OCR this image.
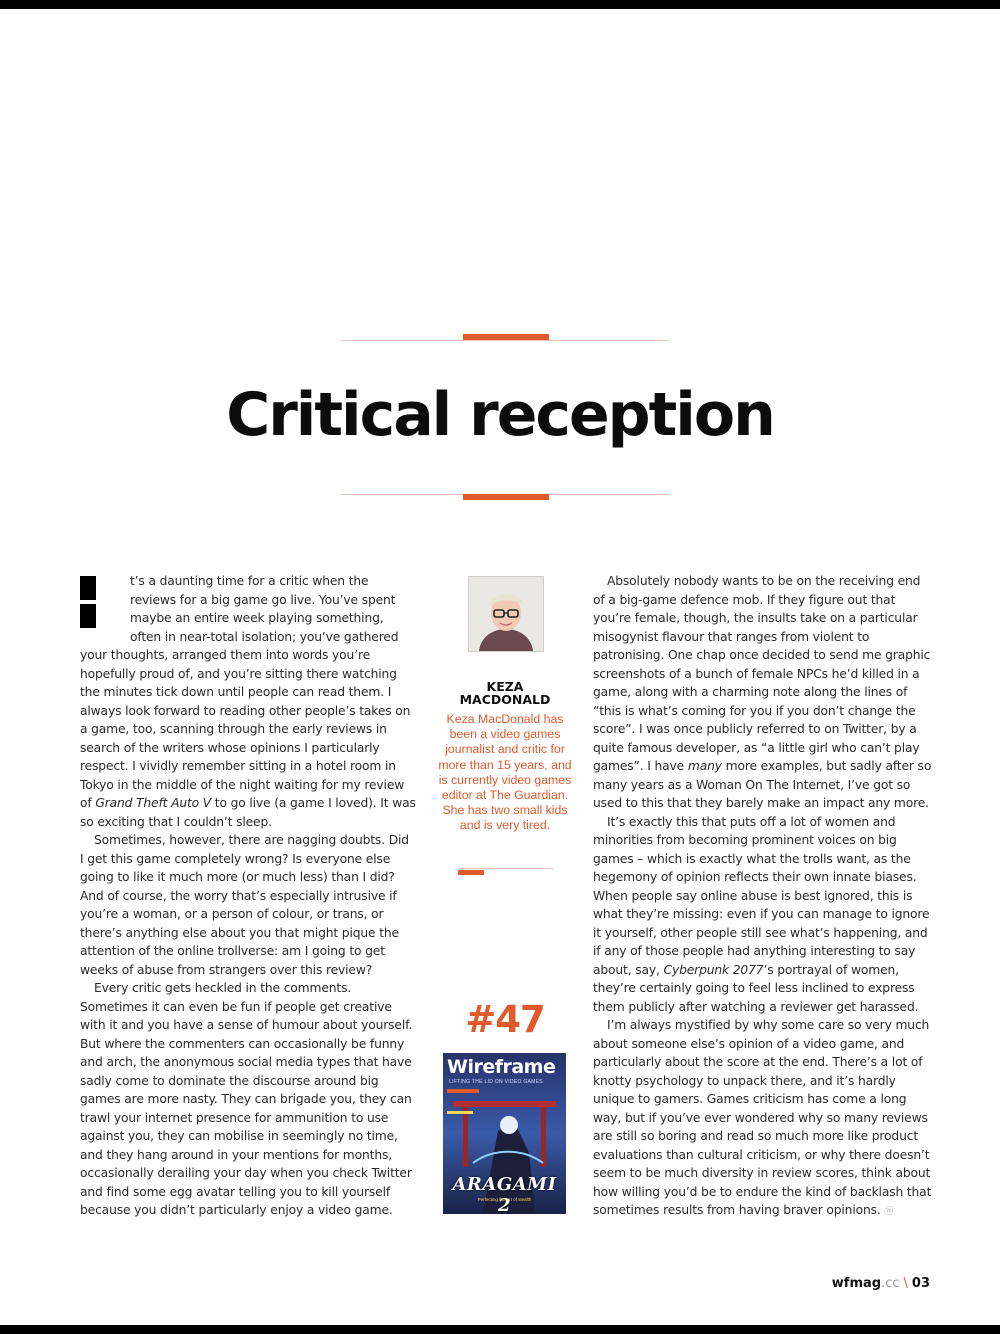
Critical reception

t’s a daunting time for a critic when the reviews for a big game go live. You’ve spent maybe an entire week playing something, often in near-total isolation; you’ve gathered your thoughts, arranged them into words you’re hopefully proud of, and you’re sitting there watching the minutes tick down until people can read them. I always look forward to reading other people’s takes on a game, too, scanning through the early reviews in search of the writers whose opinions I particularly respect. I vividly remember sitting in a hotel room in Tokyo in the middle of the night waiting for my review of Grand Theft Auto V to go live (a game I loved). It was so exciting that I couldn’t sleep.

Sometimes, however, there are nagging doubts. Did I get this game completely wrong? Is everyone else going to like it much more (or much less) than I did? And of course, the worry that’s especially intrusive if you’re a woman, or a person of colour, or trans, or there’s anything else about you that might pique the attention of the online trollverse: am I going to get weeks of abuse from strangers over this review?

Every critic gets heckled in the comments. Sometimes it can even be fun if people get creative with it and you have a sense of humour about yourself. But where the commenters can occasionally be funny and arch, the anonymous social media types that have sadly come to dominate the discourse around big games are more nasty. They can brigade you, they can trawl your internet presence for ammunition to use against you, they can mobilise in seemingly no time, and they hang around in your mentions for months, occasionally derailing your day when you check Twitter and find some egg avatar telling you to kill yourself because you didn’t particularly enjoy a video game.

KEZA
MACDONALD

Keza MacDonald has been a video games journalist and critic for more than 15 years, and is currently video games editor at The Guardian. She has two small kids and is very tired.

#47

Wireframe
LIFTING THE LID ON VIDEO GAMES
ARAGAMI 2
Perfecting the art of stealth

Absolutely nobody wants to be on the receiving end of a big-game defence mob. If they figure out that you’re female, though, the insults take on a particular misogynist flavour that ranges from violent to patronising. One chap once decided to send me graphic screenshots of a bunch of female NPCs he’d killed in a game, along with a charming note along the lines of “this is what’s coming for you if you don’t change the score”. I was once publicly referred to on Twitter, by a quite famous developer, as “a little girl who can’t play games”. I have many more examples, but sadly after so many years as a Woman On The Internet, I’ve got so used to this that they barely make an impact any more.

It’s exactly this that puts off a lot of women and minorities from becoming prominent voices on big games – which is exactly what the trolls want, as the hegemony of opinion reflects their own innate biases. When people say online abuse is best ignored, this is what they’re missing: even if you can manage to ignore it yourself, other people still see what’s happening, and if any of those people had anything interesting to say about, say, Cyberpunk 2077’s portrayal of women, they’re certainly going to feel less inclined to express them publicly after watching a reviewer get harassed.

I’m always mystified by why some care so very much about someone else’s opinion of a video game, and particularly about the score at the end. There’s a lot of knotty psychology to unpack there, and it’s hardly unique to gamers. Games criticism has come a long way, but if you’ve ever wondered why so many reviews are still so boring and read so much more like product evaluations than cultural criticism, or why there doesn’t seem to be much diversity in review scores, think about how willing you’d be to endure the kind of backlash that sometimes results from having braver opinions. ⓦ

wfmag.cc \ 03
